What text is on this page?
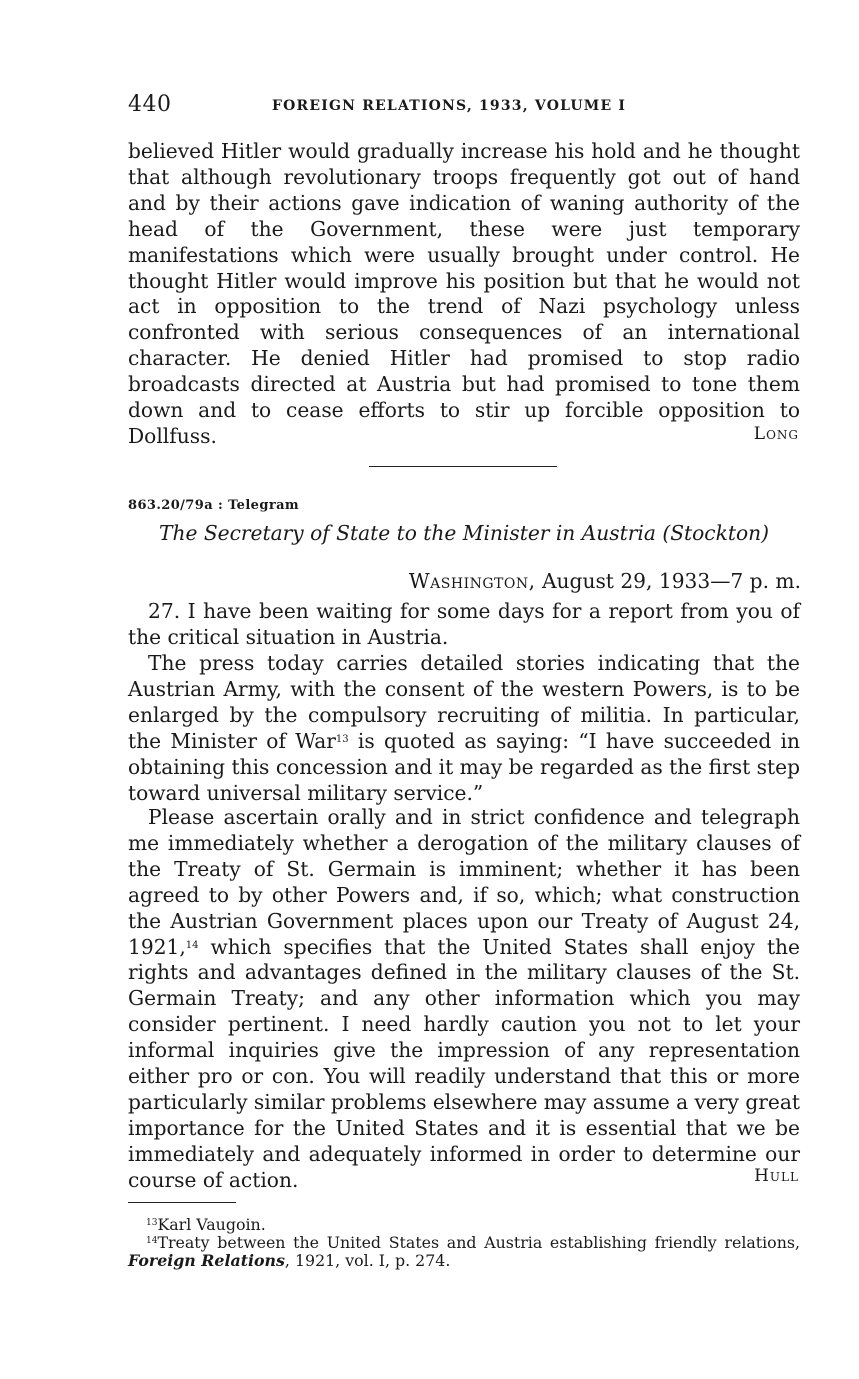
440	FOREIGN RELATIONS, 1933, VOLUME I

believed Hitler would gradually increase his hold and he thought that although revolutionary troops frequently got out of hand and by their actions gave indication of waning authority of the head of the Government, these were just temporary manifestations which were usually brought under control. He thought Hitler would improve his position but that he would not act in opposition to the trend of Nazi psychology unless confronted with serious consequences of an international character. He denied Hitler had promised to stop radio broadcasts directed at Austria but had promised to tone them down and to cease efforts to stir up forcible opposition to Dollfuss.	Long
863.20/79a : Telegram
The Secretary of State to the Minister in Austria (Stockton)
Washington, August 29, 1933—7 p. m.

27. I have been waiting for some days for a report from you of the critical situation in Austria.

The press today carries detailed stories indicating that the Austrian Army, with the consent of the western Powers, is to be enlarged by the compulsory recruiting of militia. In particular, the Minister of War$^{13}$ is quoted as saying: “I have succeeded in obtaining this concession and it may be regarded as the first step toward universal military service.”

Please ascertain orally and in strict confidence and telegraph me immediately whether a derogation of the military clauses of the Treaty of St. Germain is imminent; whether it has been agreed to by other Powers and, if so, which; what construction the Austrian Government places upon our Treaty of August 24, 1921,14 which specifies that the United States shall enjoy the rights and advantages defined in the military clauses of the St. Germain Treaty; and any other information which you may consider pertinent. I need hardly caution you not to let your informal inquiries give the impression of any representation either pro or con. You will readily understand that this or more particularly similar problems elsewhere may assume a very great importance for the United States and it is essential that we be immediately and adequately informed in order to determine our course of action.	Hull

$^{13}$Karl Vaugoin.

$^{14}$Treaty between the United States and Austria establishing friendly relations, Foreign Relations, 1921, vol. I, p. 274.
